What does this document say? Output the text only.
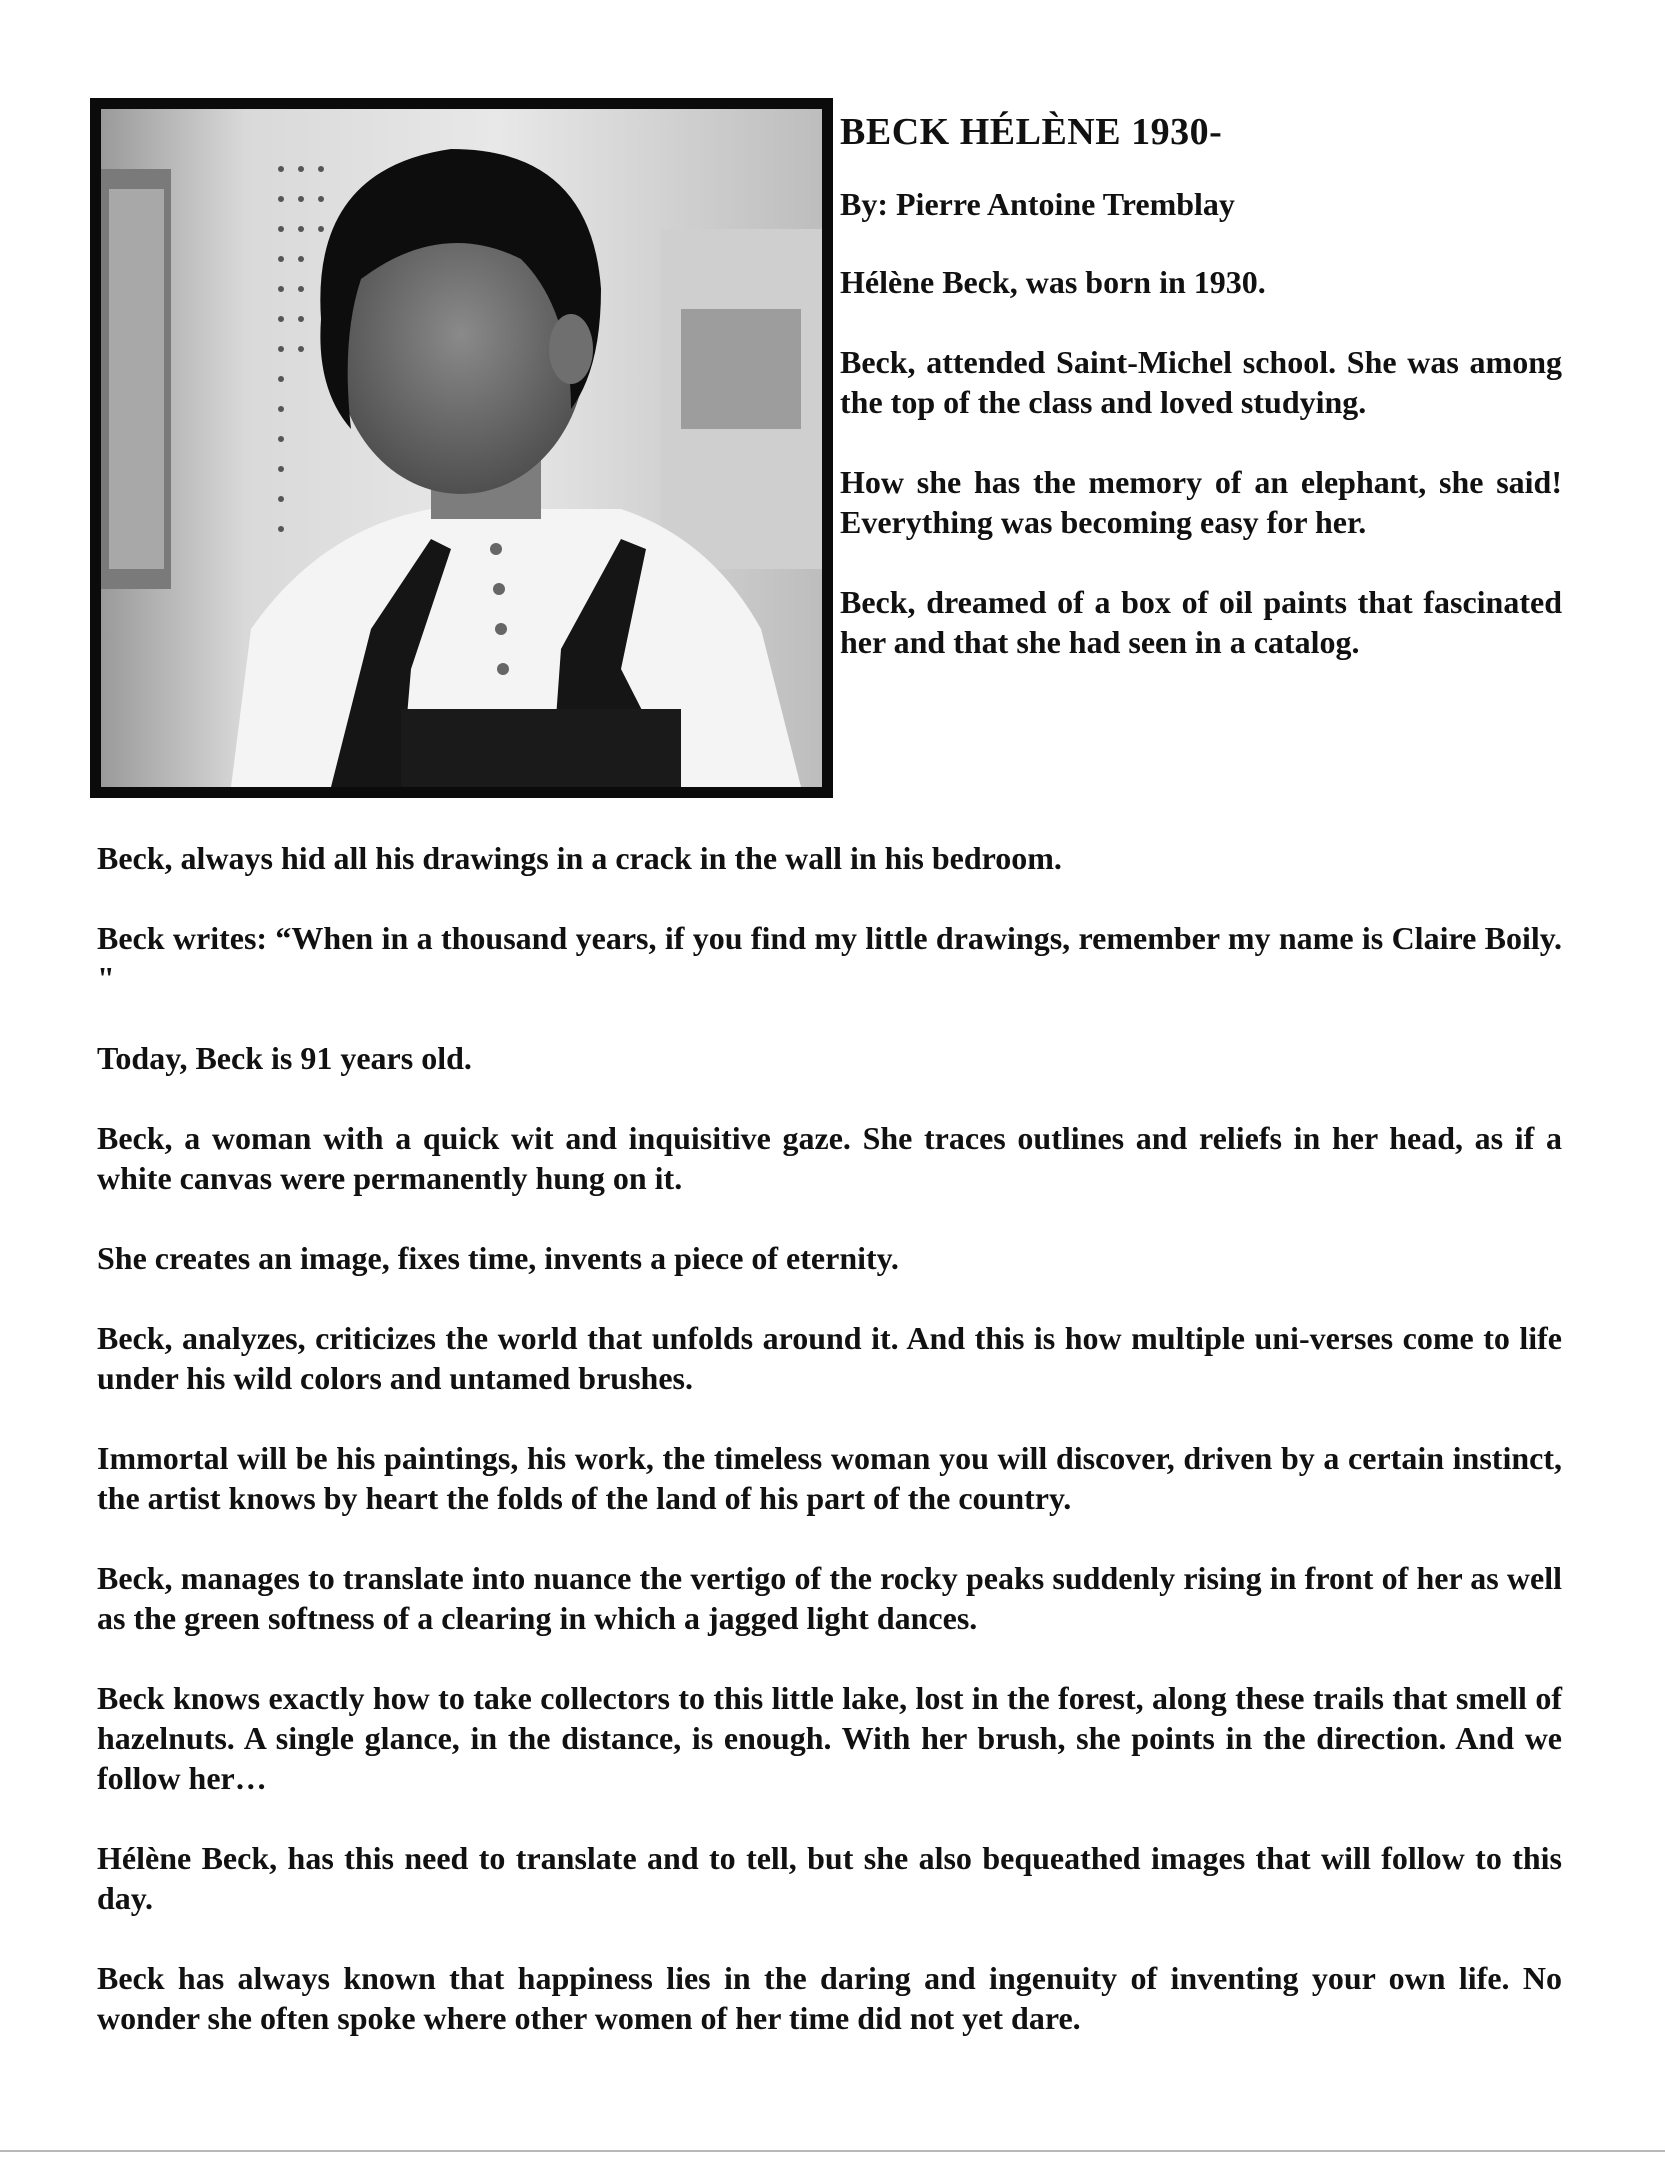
BECK HÉLÈNE 1930-

By: Pierre Antoine Tremblay

Hélène Beck, was born in 1930.

Beck, attended Saint-Michel school. She was among the top of the class and loved studying.

How she has the memory of an elephant, she said! Everything was becoming easy for her.

Beck, dreamed of a box of oil paints that fascinated her and that she had seen in a catalog.

Beck, always hid all his drawings in a crack in the wall in his bedroom.

Beck writes: “When in a thousand years, if you find my little drawings, remember my name is Claire Boily. "

Today, Beck is 91 years old.

Beck, a woman with a quick wit and inquisitive gaze. She traces outlines and reliefs in her head, as if a white canvas were permanently hung on it.

She creates an image, fixes time, invents a piece of eternity.

Beck, analyzes, criticizes the world that unfolds around it. And this is how multiple uni-verses come to life under his wild colors and untamed brushes.

Immortal will be his paintings, his work, the timeless woman you will discover, driven by a certain instinct, the artist knows by heart the folds of the land of his part of the country.

Beck, manages to translate into nuance the vertigo of the rocky peaks suddenly rising in front of her as well as the green softness of a clearing in which a jagged light dances.

Beck knows exactly how to take collectors to this little lake, lost in the forest, along these trails that smell of hazelnuts. A single glance, in the distance, is enough. With her brush, she points in the direction. And we follow her…

Hélène Beck, has this need to translate and to tell, but she also bequeathed images that will follow to this day.

Beck has always known that happiness lies in the daring and ingenuity of inventing your own life. No wonder she often spoke where other women of her time did not yet dare.
